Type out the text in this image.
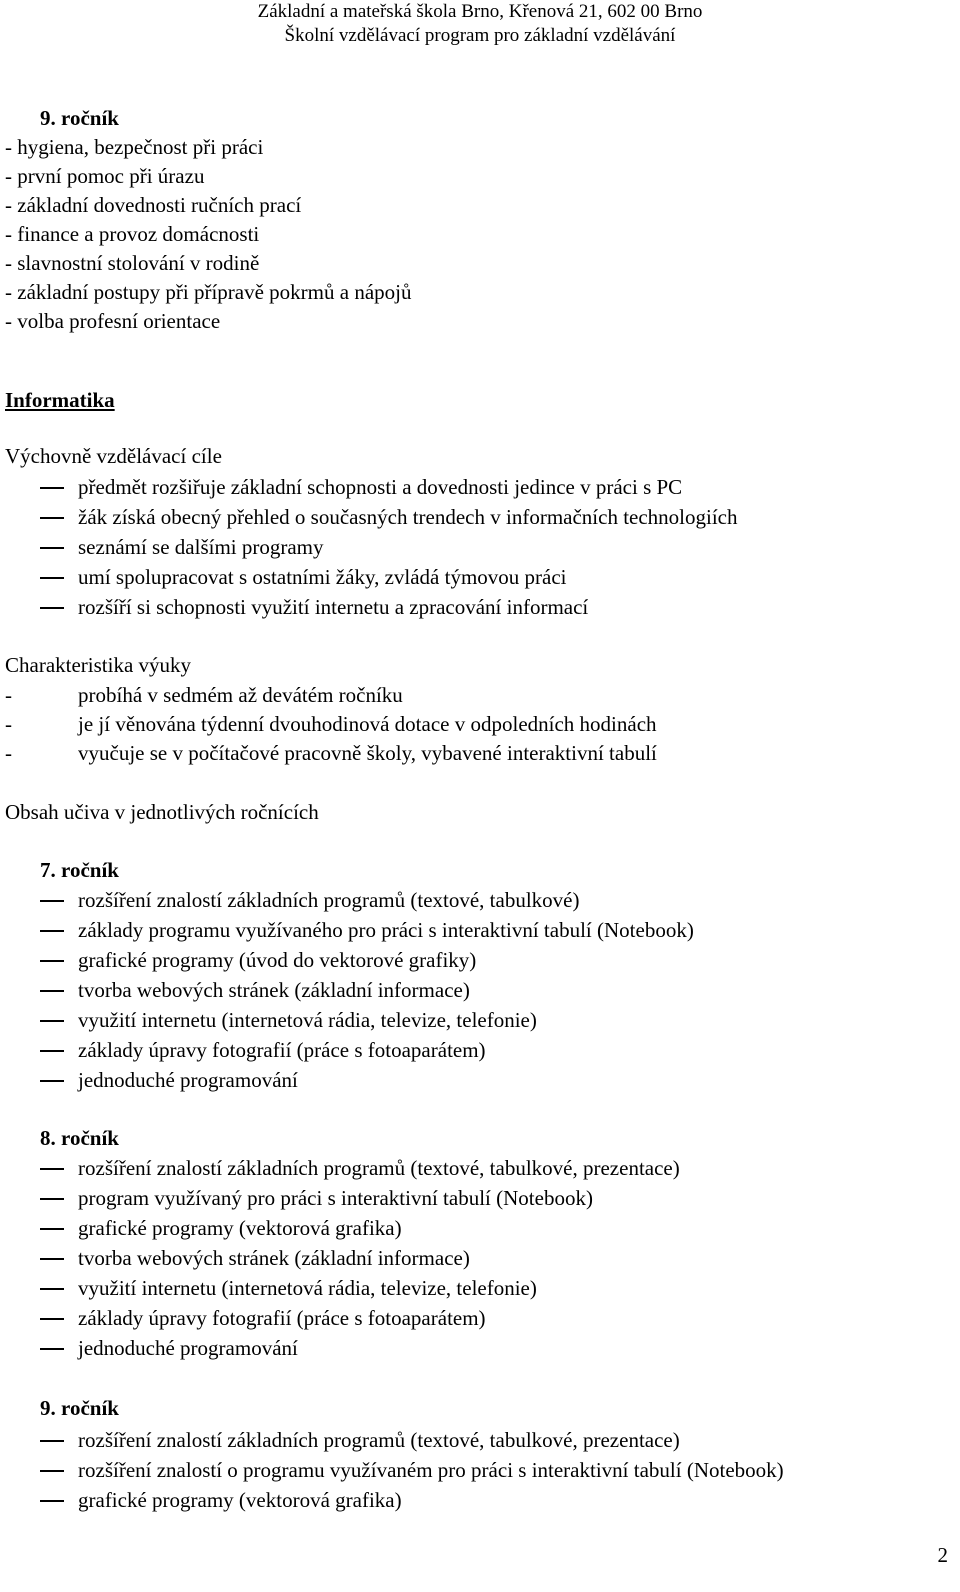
Základní a mateřská škola Brno, Křenová 21, 602 00 Brno
Školní vzdělávací program pro základní vzdělávání
9. ročník
- hygiena, bezpečnost při práci
- první pomoc při úrazu
- základní dovednosti ručních prací
- finance a provoz domácnosti
- slavnostní stolování v rodině
- základní postupy při přípravě pokrmů a nápojů
- volba profesní orientace
Informatika
Výchovně vzdělávací cíle
předmět rozšiřuje základní schopnosti a dovednosti jedince v práci s PC
žák získá obecný přehled o současných trendech v informačních technologiích
seznámí se dalšími programy
umí spolupracovat s ostatními žáky, zvládá týmovou práci
rozšíří si schopnosti využití internetu a zpracování informací
Charakteristika výuky
-	probíhá v sedmém až devátém ročníku
-	je jí věnována týdenní dvouhodinová dotace v odpoledních hodinách
-	vyučuje se v počítačové pracovně školy, vybavené interaktivní tabulí
Obsah učiva v jednotlivých ročnících
7. ročník
rozšíření znalostí základních programů (textové, tabulkové)
základy programu využívaného pro práci s interaktivní tabulí (Notebook)
grafické programy (úvod do vektorové grafiky)
tvorba webových stránek (základní informace)
využití internetu (internetová rádia, televize, telefonie)
základy úpravy fotografií (práce s fotoaparátem)
jednoduché programování
8. ročník
rozšíření znalostí základních programů (textové, tabulkové, prezentace)
program využívaný pro práci s interaktivní tabulí (Notebook)
grafické programy (vektorová grafika)
tvorba webových stránek (základní informace)
využití internetu (internetová rádia, televize, telefonie)
základy úpravy fotografií (práce s fotoaparátem)
jednoduché programování
9. ročník
rozšíření znalostí základních programů (textové, tabulkové, prezentace)
rozšíření znalostí o programu využívaném pro práci s interaktivní tabulí (Notebook)
grafické programy (vektorová grafika)
2
